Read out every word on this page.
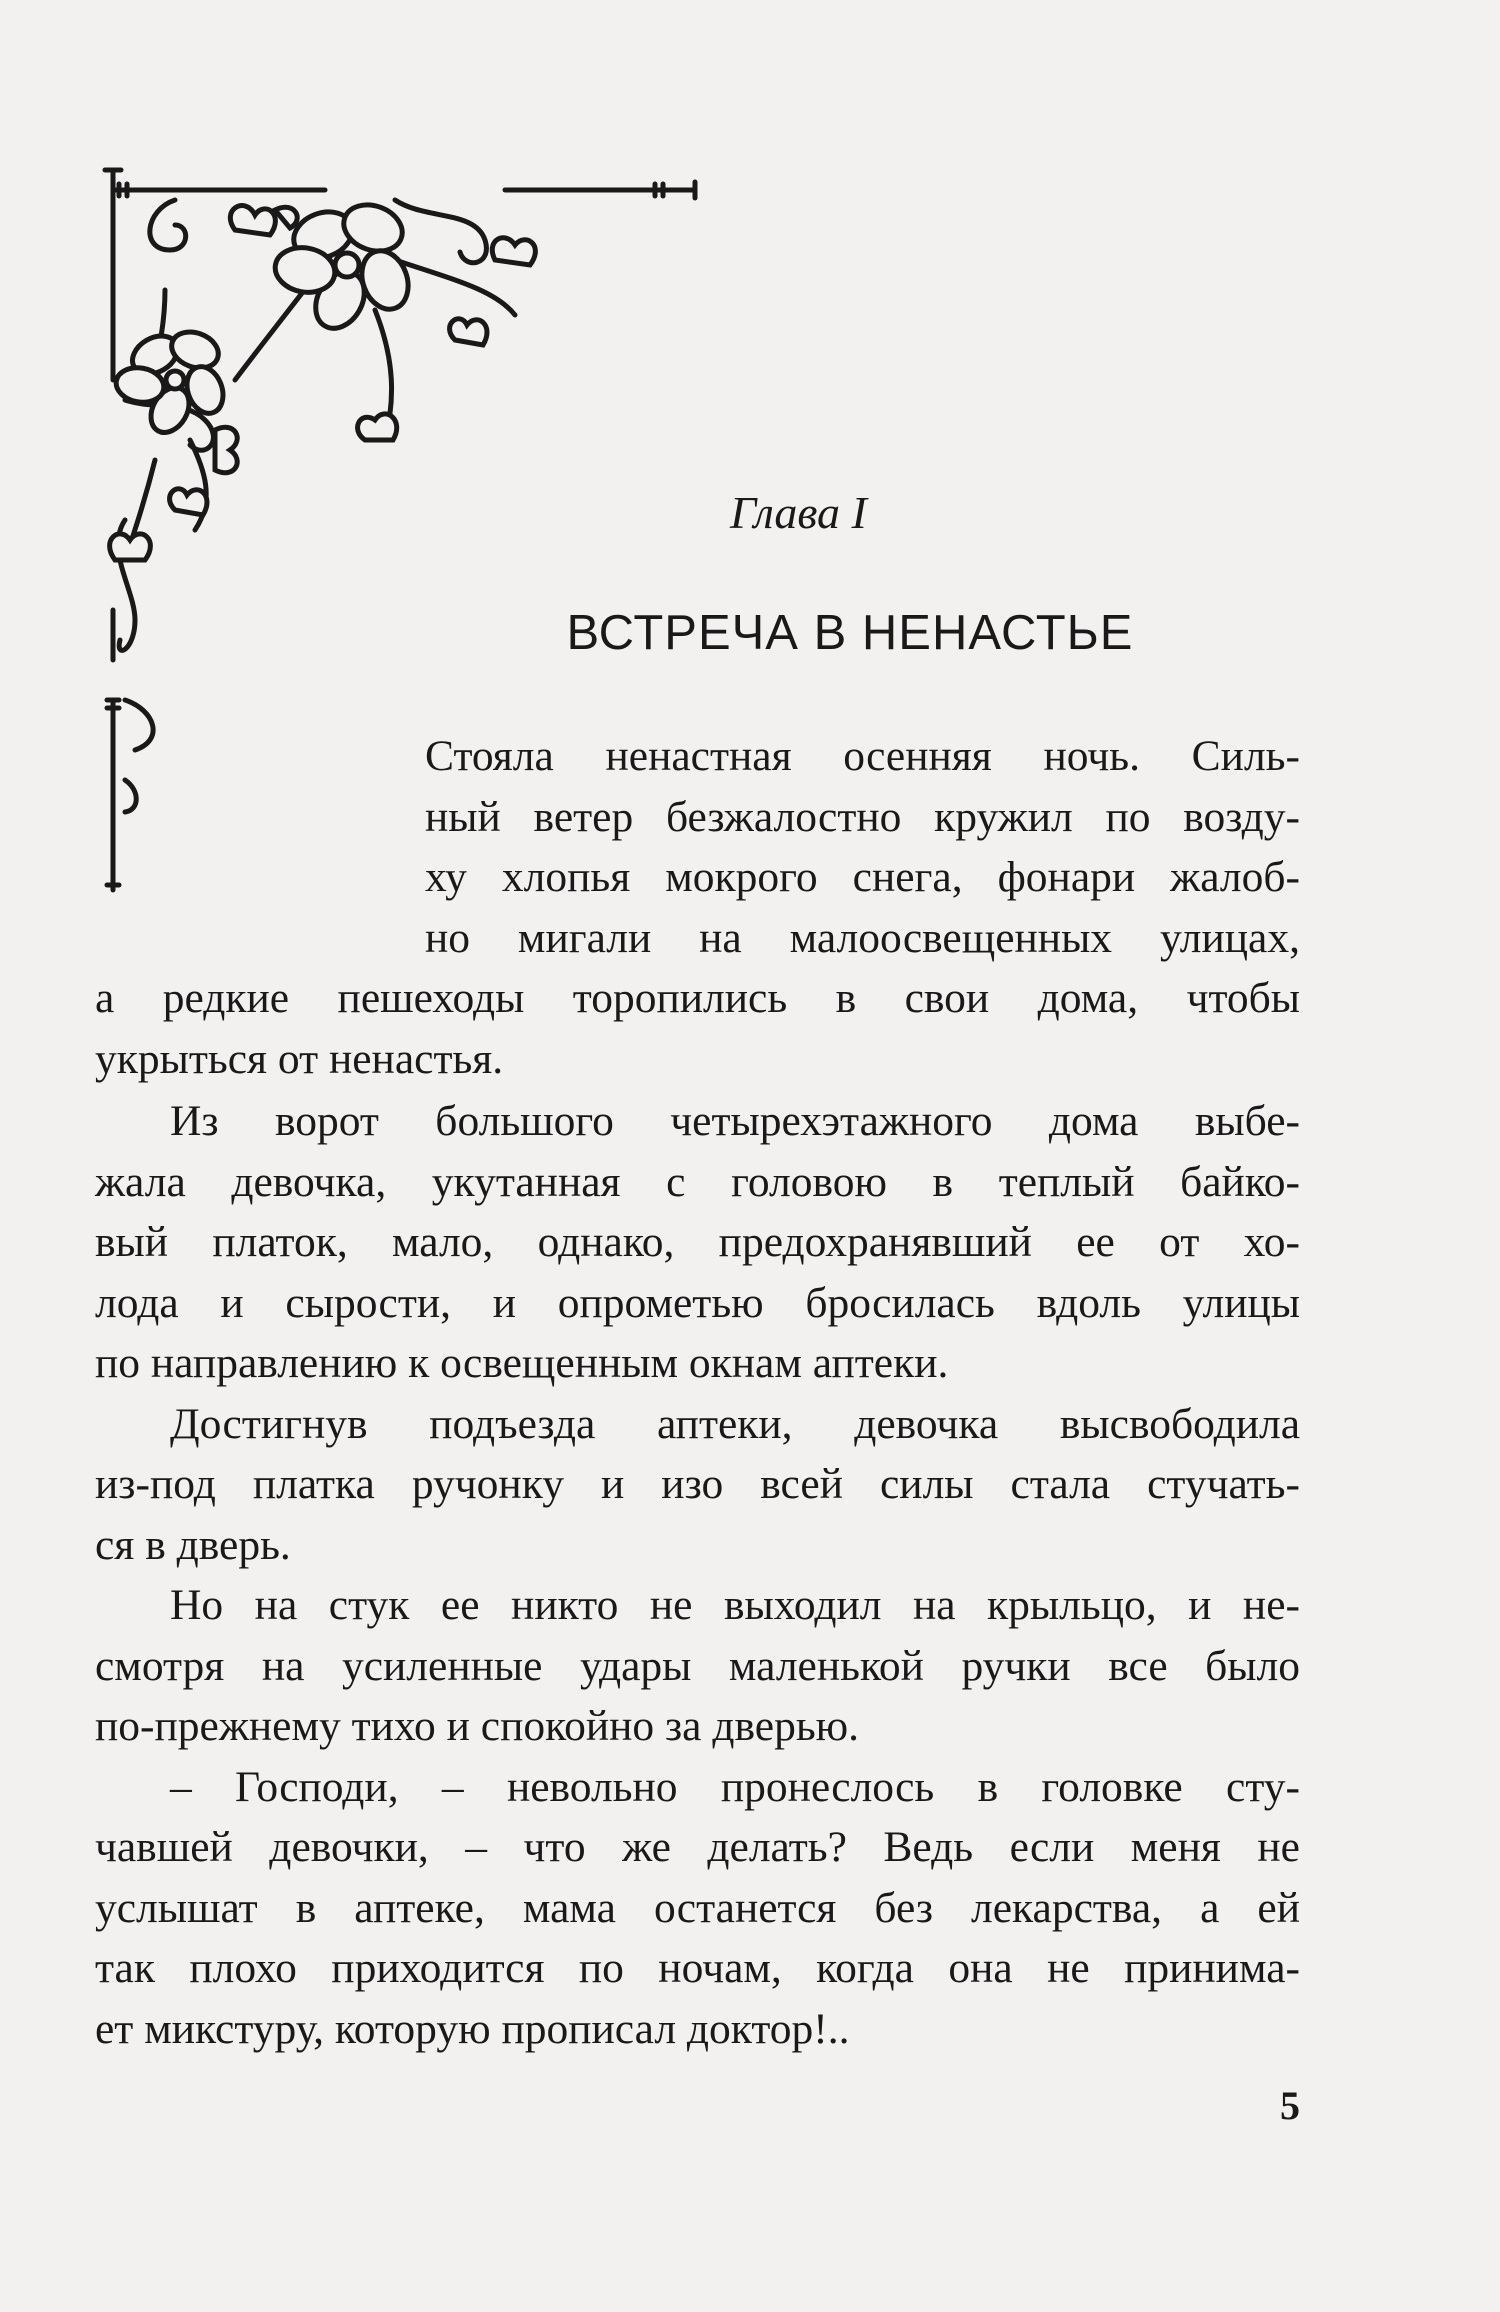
Глава I
ВСТРЕЧА В НЕНАСТЬЕ
Стояла ненастная осенняя ночь. Силь-
ный ветер безжалостно кружил по возду-
ху хлопья мокрого снега, фонари жалоб-
но мигали на малоосвещенных улицах,
а редкие пешеходы торопились в свои дома, чтобы
укрыться от ненастья.
Из ворот большого четырехэтажного дома выбе-
жала девочка, укутанная с головою в теплый байко-
вый платок, мало, однако, предохранявший ее от хо-
лода и сырости, и опрометью бросилась вдоль улицы
по направлению к освещенным окнам аптеки.
Достигнув подъезда аптеки, девочка высвободила
из-под платка ручонку и изо всей силы стала стучать-
ся в дверь.
Но на стук ее никто не выходил на крыльцо, и не-
смотря на усиленные удары маленькой ручки все было
по-прежнему тихо и спокойно за дверью.
– Господи, – невольно пронеслось в головке сту-
чавшей девочки, – что же делать? Ведь если меня не
услышат в аптеке, мама останется без лекарства, а ей
так плохо приходится по ночам, когда она не принима-
ет микстуру, которую прописал доктор!..
5
